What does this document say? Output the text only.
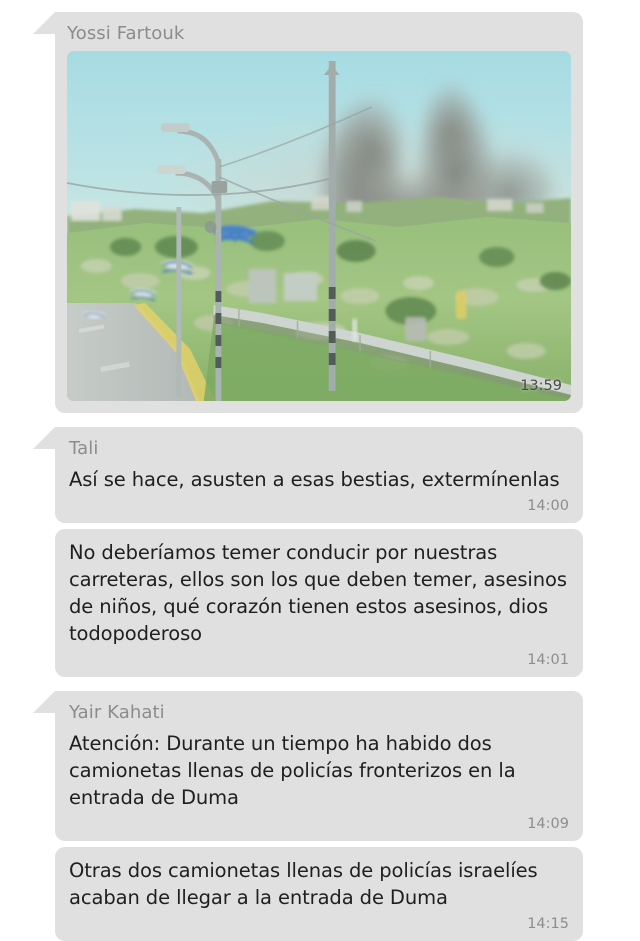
Yossi Fartouk
13:59
Tali
Así se hace, asusten a esas bestias, extermínenlas
14:00
No deberíamos temer conducir por nuestras carreteras, ellos son los que deben temer, asesinos de niños, qué corazón tienen estos asesinos, dios todopoderoso
14:01
Yair Kahati
Atención: Durante un tiempo ha habido dos camionetas llenas de policías fronterizos en la entrada de Duma
14:09
Otras dos camionetas llenas de policías israelíes acaban de llegar a la entrada de Duma
14:15
